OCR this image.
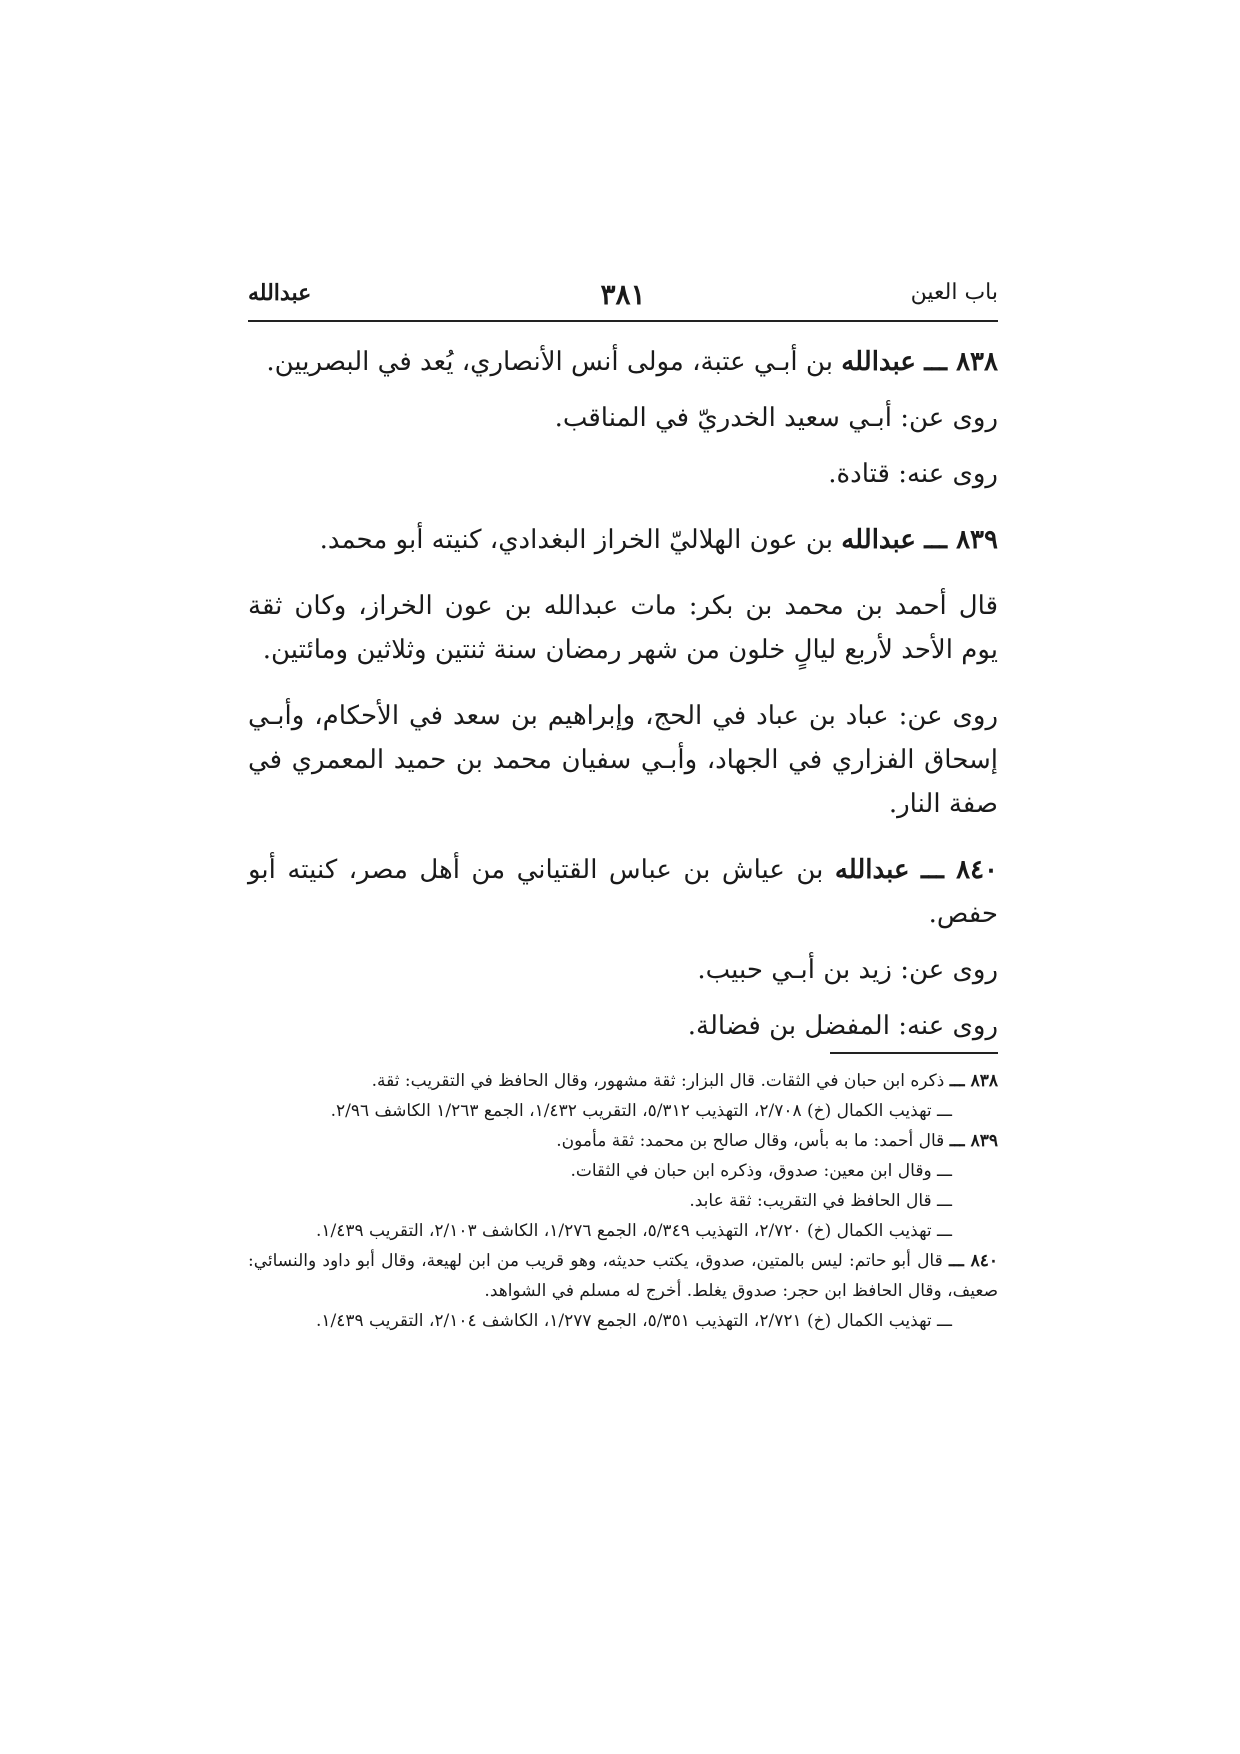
باب العين
٣٨١
عبدالله

٨٣٨ ـــ عبدالله بن أبـي عتبة، مولى أنس الأنصاري، يُعد في البصريين.

روى عن: أبـي سعيد الخدريّ في المناقب.

روى عنه: قتادة.

٨٣٩ ـــ عبدالله بن عون الهلاليّ الخراز البغدادي، كنيته أبو محمد.

قال أحمد بن محمد بن بكر: مات عبدالله بن عون الخراز، وكان ثقة يوم الأحد لأربع ليالٍ خلون من شهر رمضان سنة ثنتين وثلاثين ومائتين.

روى عن: عباد بن عباد في الحج، وإبراهيم بن سعد في الأحكام، وأبـي إسحاق الفزاري في الجهاد، وأبـي سفيان محمد بن حميد المعمري في صفة النار.

٨٤٠ ـــ عبدالله بن عياش بن عباس القتياني من أهل مصر، كنيته أبو حفص.

روى عن: زيد بن أبـي حبيب.

روى عنه: المفضل بن فضالة.

٨٣٨ ـــ ذكره ابن حبان في الثقات. قال البزار: ثقة مشهور، وقال الحافظ في التقريب: ثقة.

ـــ تهذيب الكمال (خ) ٢/٧٠٨، التهذيب ٥/٣١٢، التقريب ١/٤٣٢، الجمع ١/٢٦٣ الكاشف ٢/٩٦.

٨٣٩ ـــ قال أحمد: ما به بأس، وقال صالح بن محمد: ثقة مأمون.

ـــ وقال ابن معين: صدوق، وذكره ابن حبان في الثقات.

ـــ قال الحافظ في التقريب: ثقة عابد.

ـــ تهذيب الكمال (خ) ٢/٧٢٠، التهذيب ٥/٣٤٩، الجمع ١/٢٧٦، الكاشف ٢/١٠٣، التقريب ١/٤٣٩.

٨٤٠ ـــ قال أبو حاتم: ليس بالمتين، صدوق، يكتب حديثه، وهو قريب من ابن لهيعة، وقال أبو داود والنسائي: صعيف، وقال الحافظ ابن حجر: صدوق يغلط. أخرج له مسلم في الشواهد.

ـــ تهذيب الكمال (خ) ٢/٧٢١، التهذيب ٥/٣٥١، الجمع ١/٢٧٧، الكاشف ٢/١٠٤، التقريب ١/٤٣٩.
